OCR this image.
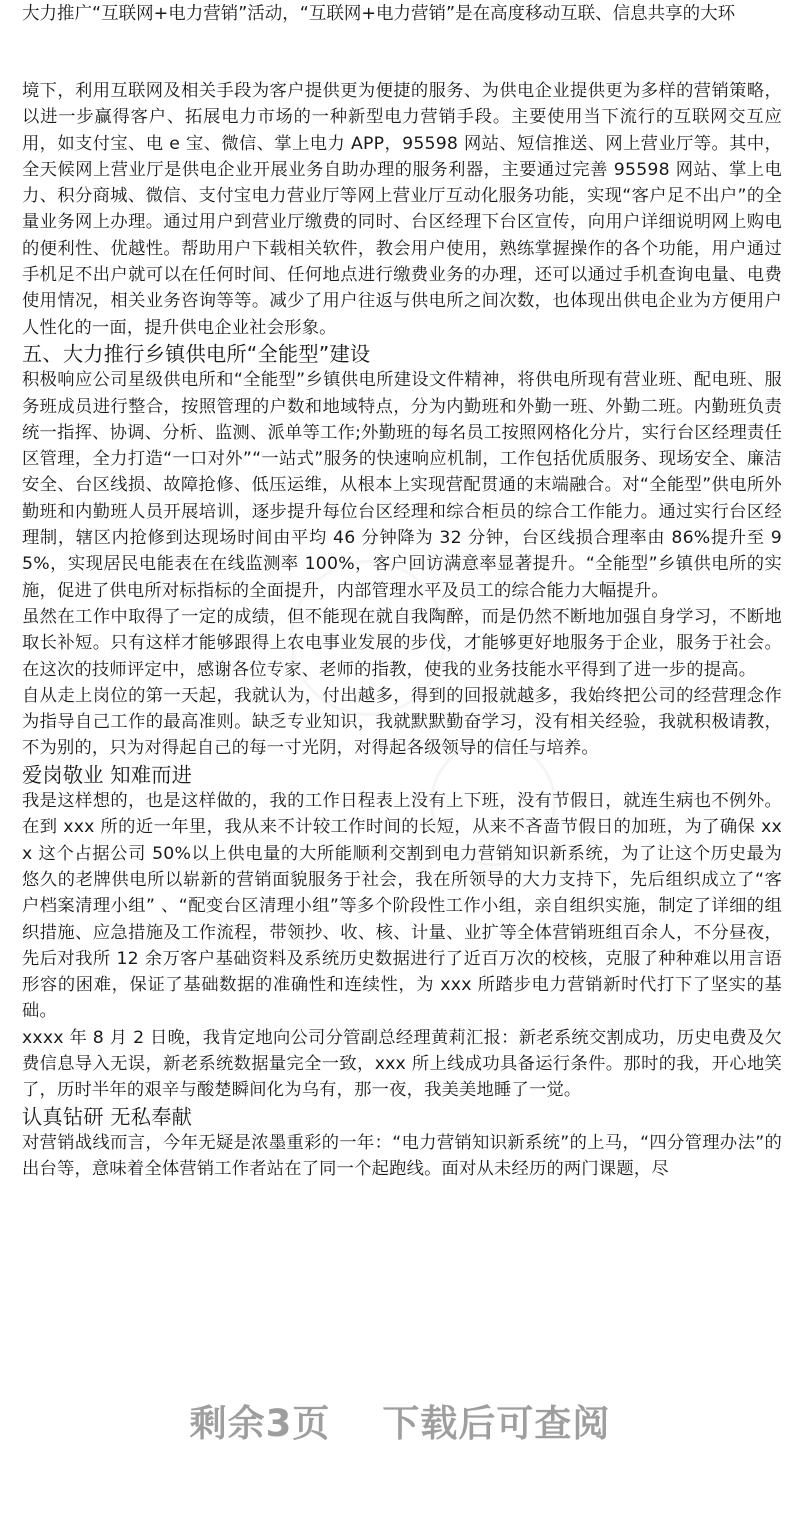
大力推广“互联网+电力营销”活动，“互联网+电力营销”是在高度移动互联、信息共享的大环

境下，利用互联网及相关手段为客户提供更为便捷的服务、为供电企业提供更为多样的营销策略，以进一步赢得客户、拓展电力市场的一种新型电力营销手段。主要使用当下流行的互联网交互应用，如支付宝、电 e 宝、微信、掌上电力 APP，95598 网站、短信推送、网上营业厅等。其中，全天候网上营业厅是供电企业开展业务自助办理的服务利器，主要通过完善 95598 网站、掌上电力、积分商城、微信、支付宝电力营业厅等网上营业厅互动化服务功能，实现“客户足不出户”的全量业务网上办理。通过用户到营业厅缴费的同时、台区经理下台区宣传，向用户详细说明网上购电的便利性、优越性。帮助用户下载相关软件，教会用户使用，熟练掌握操作的各个功能，用户通过手机足不出户就可以在任何时间、任何地点进行缴费业务的办理，还可以通过手机查询电量、电费使用情况，相关业务咨询等等。减少了用户往返与供电所之间次数，也体现出供电企业为方便用户人性化的一面，提升供电企业社会形象。

五、大力推行乡镇供电所“全能型”建设

积极响应公司星级供电所和“全能型”乡镇供电所建设文件精神，将供电所现有营业班、配电班、服务班成员进行整合，按照管理的户数和地域特点，分为内勤班和外勤一班、外勤二班。内勤班负责统一指挥、协调、分析、监测、派单等工作;外勤班的每名员工按照网格化分片，实行台区经理责任区管理，全力打造“一口对外”“一站式”服务的快速响应机制，工作包括优质服务、现场安全、廉洁安全、台区线损、故障抢修、低压运维，从根本上实现营配贯通的末端融合。对“全能型”供电所外勤班和内勤班人员开展培训，逐步提升每位台区经理和综合柜员的综合工作能力。通过实行台区经理制，辖区内抢修到达现场时间由平均 46 分钟降为 32 分钟，台区线损合理率由 86%提升至 95%，实现居民电能表在在线监测率 100%，客户回访满意率显著提升。“全能型”乡镇供电所的实施，促进了供电所对标指标的全面提升，内部管理水平及员工的综合能力大幅提升。

虽然在工作中取得了一定的成绩，但不能现在就自我陶醉，而是仍然不断地加强自身学习，不断地取长补短。只有这样才能够跟得上农电事业发展的步伐，才能够更好地服务于企业，服务于社会。在这次的技师评定中，感谢各位专家、老师的指教，使我的业务技能水平得到了进一步的提高。

自从走上岗位的第一天起，我就认为，付出越多，得到的回报就越多，我始终把公司的经营理念作为指导自己工作的最高准则。缺乏专业知识，我就默默勤奋学习，没有相关经验，我就积极请教，不为别的，只为对得起自己的每一寸光阴，对得起各级领导的信任与培养。

爱岗敬业 知难而进

我是这样想的，也是这样做的，我的工作日程表上没有上下班，没有节假日，就连生病也不例外。在到 xxx 所的近一年里，我从来不计较工作时间的长短，从来不吝啬节假日的加班，为了确保 xxx 这个占据公司 50%以上供电量的大所能顺利交割到电力营销知识新系统，为了让这个历史最为悠久的老牌供电所以崭新的营销面貌服务于社会，我在所领导的大力支持下，先后组织成立了“客户档案清理小组” 、“配变台区清理小组”等多个阶段性工作小组，亲自组织实施，制定了详细的组织措施、应急措施及工作流程，带领抄、收、核、计量、业扩等全体营销班组百余人，不分昼夜，先后对我所 12 余万客户基础资料及系统历史数据进行了近百万次的校核，克服了种种难以用言语形容的困难，保证了基础数据的准确性和连续性，为 xxx 所踏步电力营销新时代打下了坚实的基础。

xxxx 年 8 月 2 日晚，我肯定地向公司分管副总经理黄莉汇报：新老系统交割成功，历史电费及欠费信息导入无误，新老系统数据量完全一致，xxx 所上线成功具备运行条件。那时的我，开心地笑了，历时半年的艰辛与酸楚瞬间化为乌有，那一夜，我美美地睡了一觉。

认真钻研 无私奉献

对营销战线而言，今年无疑是浓墨重彩的一年：“电力营销知识新系统”的上马，“四分管理办法”的出台等，意味着全体营销工作者站在了同一个起跑线。面对从未经历的两门课题，尽

剩余3页 下载后可查阅
